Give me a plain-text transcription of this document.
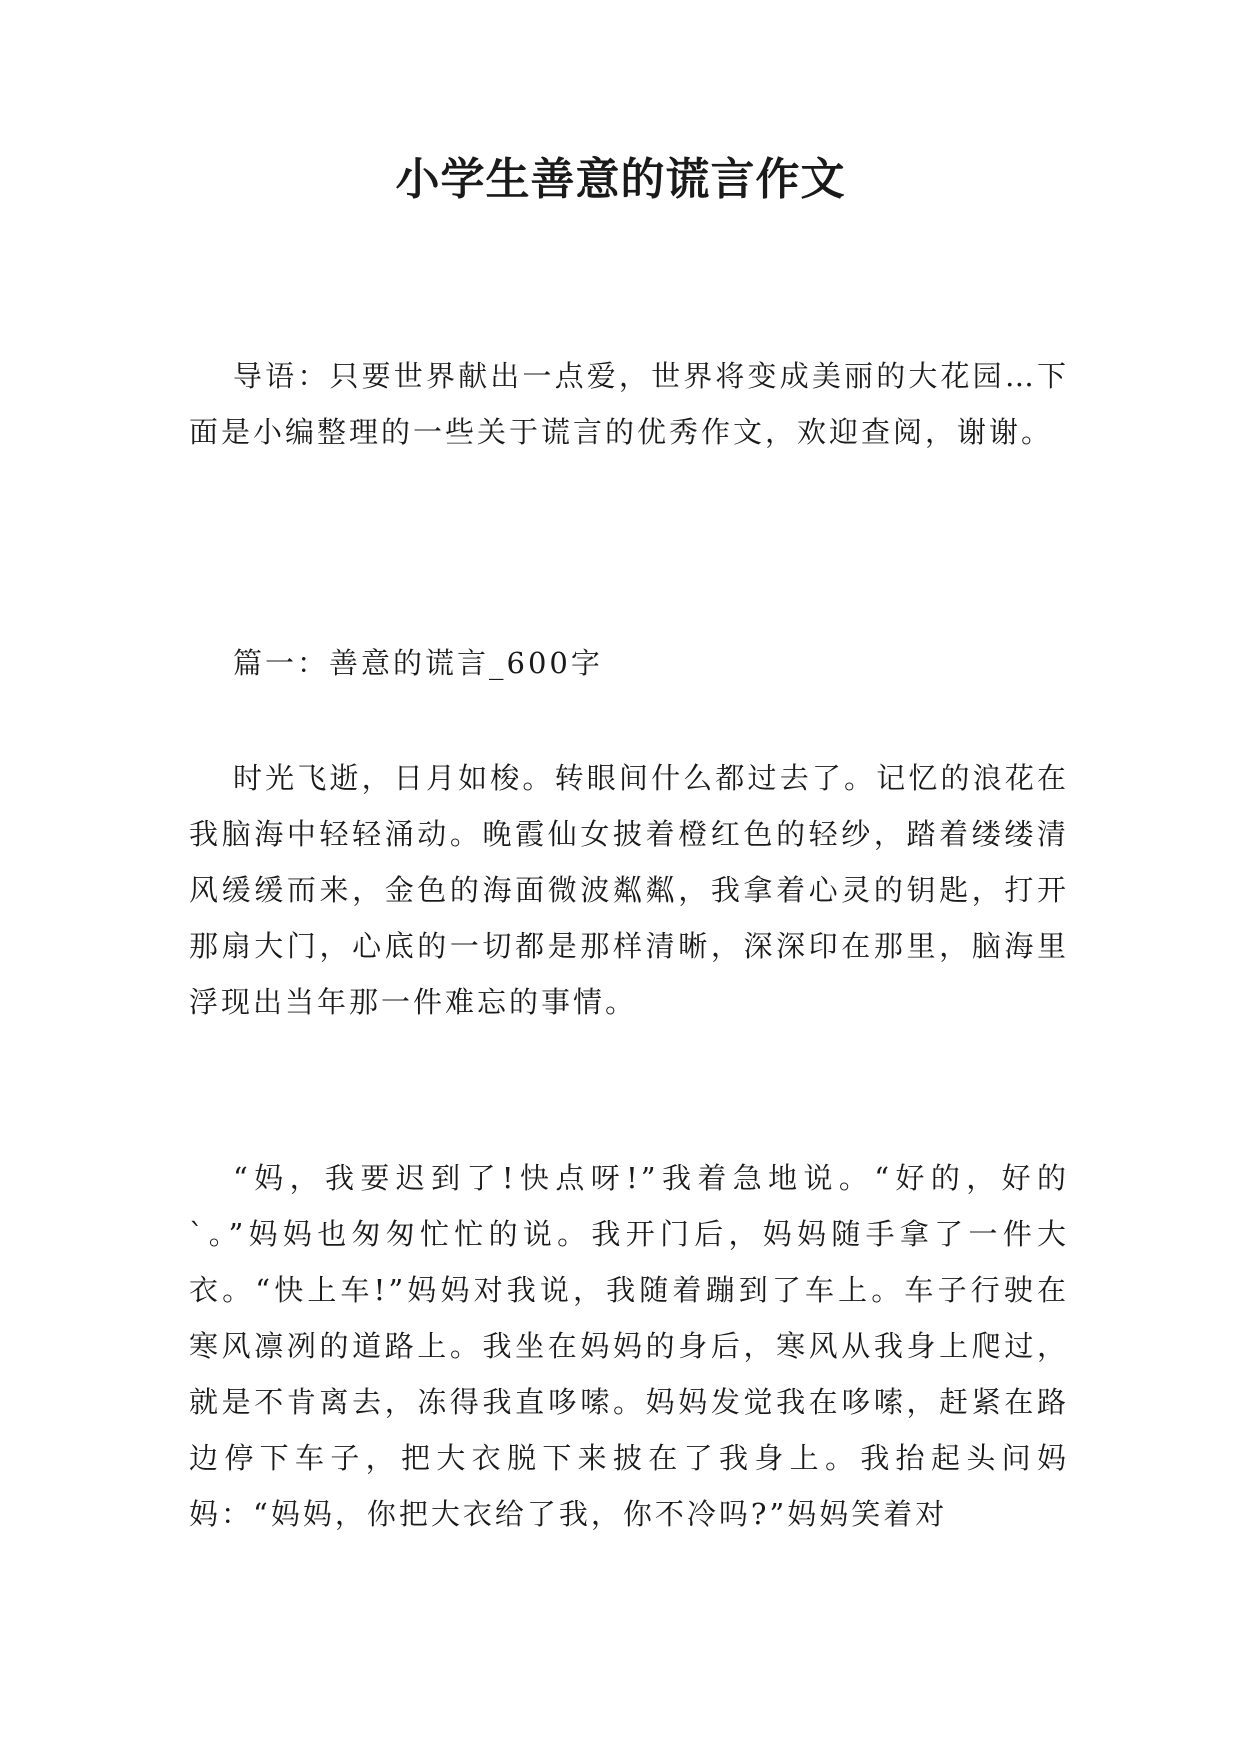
小学生善意的谎言作文
导语：只要世界献出一点爱，世界将变成美丽的大花园…下面是小编整理的一些关于谎言的优秀作文，欢迎查阅，谢谢。
篇一：善意的谎言_600字
时光飞逝，日月如梭。转眼间什么都过去了。记忆的浪花在我脑海中轻轻涌动。晚霞仙女披着橙红色的轻纱，踏着缕缕清风缓缓而来，金色的海面微波粼粼，我拿着心灵的钥匙，打开那扇大门，心底的一切都是那样清晰，深深印在那里，脑海里浮现出当年那一件难忘的事情。
“妈，我要迟到了!快点呀!”我着急地说。“好的，好的`。”妈妈也匆匆忙忙的说。我开门后，妈妈随手拿了一件大衣。“快上车!”妈妈对我说，我随着蹦到了车上。车子行驶在寒风凛冽的道路上。我坐在妈妈的身后，寒风从我身上爬过，就是不肯离去，冻得我直哆嗦。妈妈发觉我在哆嗦，赶紧在路边停下车子，把大衣脱下来披在了我身上。我抬起头问妈妈：“妈妈，你把大衣给了我，你不冷吗?”妈妈笑着对
